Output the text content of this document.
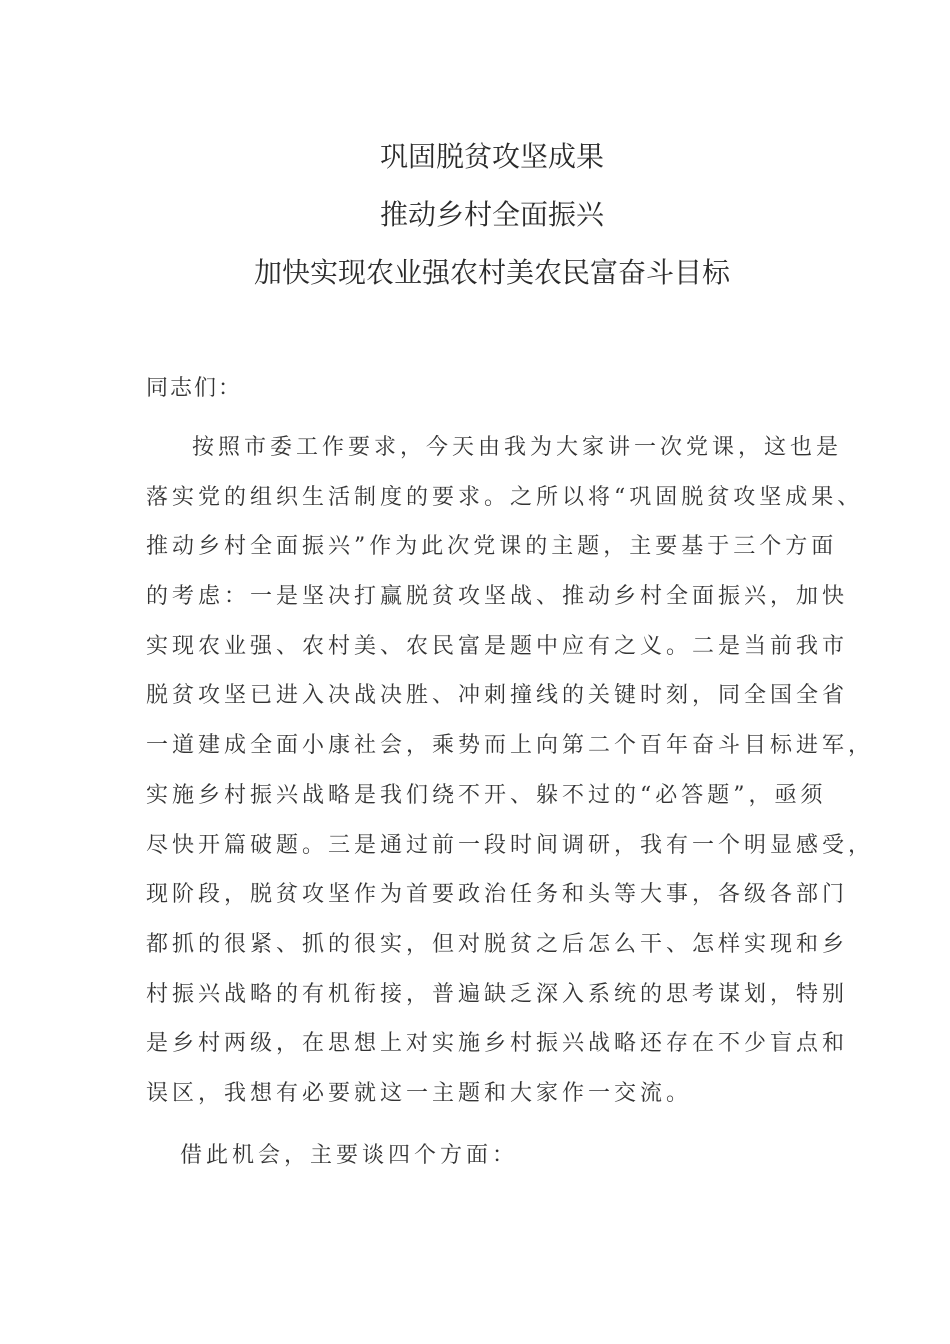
巩固脱贫攻坚成果
推动乡村全面振兴
加快实现农业强农村美农民富奋斗目标
同志们：
按照市委工作要求，今天由我为大家讲一次党课，这也是
落实党的组织生活制度的要求。之所以将“巩固脱贫攻坚成果、
推动乡村全面振兴”作为此次党课的主题，主要基于三个方面
的考虑：一是坚决打赢脱贫攻坚战、推动乡村全面振兴，加快
实现农业强、农村美、农民富是题中应有之义。二是当前我市
脱贫攻坚已进入决战决胜、冲刺撞线的关键时刻，同全国全省
一道建成全面小康社会，乘势而上向第二个百年奋斗目标进军，
实施乡村振兴战略是我们绕不开、躲不过的“必答题”，亟须
尽快开篇破题。三是通过前一段时间调研，我有一个明显感受，
现阶段，脱贫攻坚作为首要政治任务和头等大事，各级各部门
都抓的很紧、抓的很实，但对脱贫之后怎么干、怎样实现和乡
村振兴战略的有机衔接，普遍缺乏深入系统的思考谋划，特别
是乡村两级，在思想上对实施乡村振兴战略还存在不少盲点和
误区，我想有必要就这一主题和大家作一交流。
借此机会，主要谈四个方面：
